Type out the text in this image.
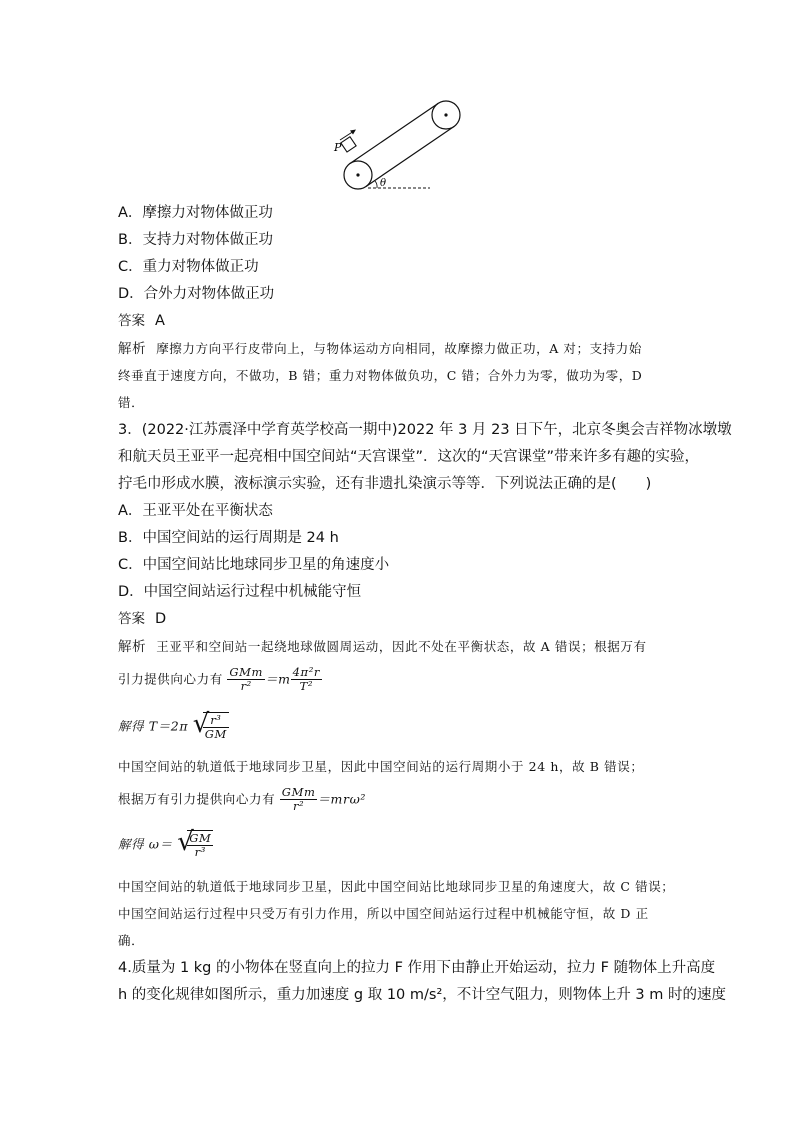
P
θ
A．摩擦力对物体做正功
B．支持力对物体做正功
C．重力对物体做正功
D．合外力对物体做正功
答案 A
解析 摩擦力方向平行皮带向上，与物体运动方向相同，故摩擦力做正功，A 对；支持力始
终垂直于速度方向，不做功，B 错；重力对物体做负功，C 错；合外力为零，做功为零，D
错．
3．(2022·江苏震泽中学育英学校高一期中)2022 年 3 月 23 日下午，北京冬奥会吉祥物冰墩墩
和航天员王亚平一起亮相中国空间站“天宫课堂”．这次的“天宫课堂”带来许多有趣的实验，
拧毛巾形成水膜，液标演示实验，还有非遗扎染演示等等．下列说法正确的是(　　)
A．王亚平处在平衡状态
B．中国空间站的运行周期是 24 h
C．中国空间站比地球同步卫星的角速度小
D．中国空间站运行过程中机械能守恒
答案 D
解析 王亚平和空间站一起绕地球做圆周运动，因此不处在平衡状态，故 A 错误；根据万有
引力提供向心力有 $\frac{\text{GMm}}{\text{r²}} =m \frac{\text{4π²r}}{\text{T²}}$
解得 T＝2π √
$\frac{\text{r³}}{GM}$
中国空间站的轨道低于地球同步卫星，因此中国空间站的运行周期小于 24 h，故 B 错误；
根据万有引力提供向心力有 $\frac{\text{GMm}}{\text{r²}} =mr\omega^2$
解得 ω＝ √
$\frac{GM}{\text{r³}}$
中国空间站的轨道低于地球同步卫星，因此中国空间站比地球同步卫星的角速度大，故 C 错误；
中国空间站运行过程中只受万有引力作用，所以中国空间站运行过程中机械能守恒，故 D 正
确．
4.质量为 1 kg 的小物体在竖直向上的拉力 F 作用下由静止开始运动，拉力 F 随物体上升高度
h 的变化规律如图所示，重力加速度 g 取 10 m/s²，不计空气阻力，则物体上升 3 m 时的速度
